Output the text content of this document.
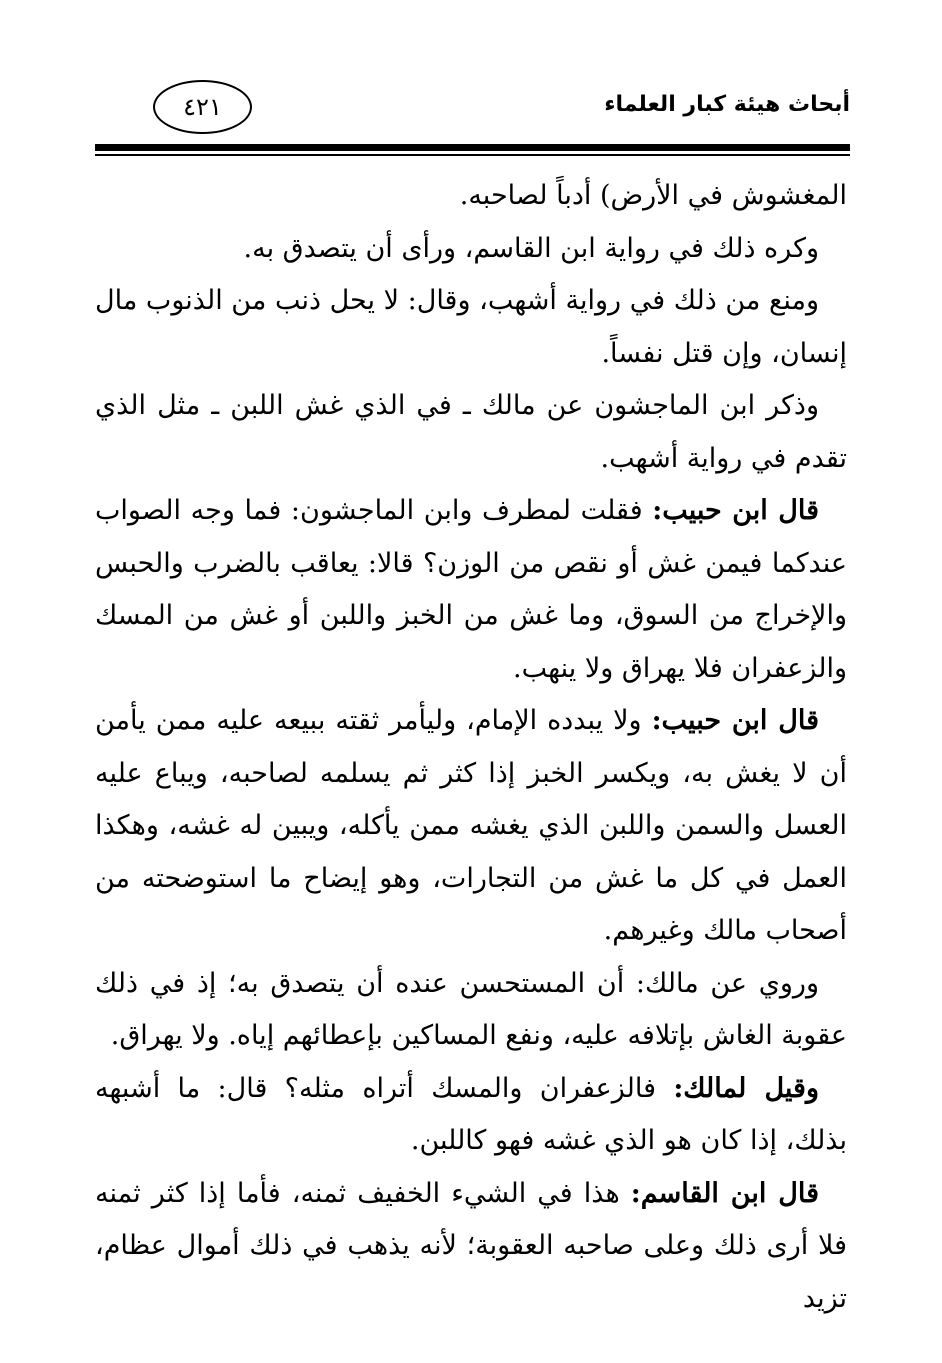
أبحاث هيئة كبار العلماء
٤٢١

المغشوش في الأرض) أدباً لصاحبه.

وكره ذلك في رواية ابن القاسم، ورأى أن يتصدق به.

ومنع من ذلك في رواية أشهب، وقال: لا يحل ذنب من الذنوب مال إنسان، وإن قتل نفساً.

وذكر ابن الماجشون عن مالك ـ في الذي غش اللبن ـ مثل الذي تقدم في رواية أشهب.

قال ابن حبيب: فقلت لمطرف وابن الماجشون: فما وجه الصواب عندكما فيمن غش أو نقص من الوزن؟ قالا: يعاقب بالضرب والحبس والإخراج من السوق، وما غش من الخبز واللبن أو غش من المسك والزعفران فلا يهراق ولا ينهب.

قال ابن حبيب: ولا يبدده الإمام، وليأمر ثقته ببيعه عليه ممن يأمن أن لا يغش به، ويكسر الخبز إذا كثر ثم يسلمه لصاحبه، ويباع عليه العسل والسمن واللبن الذي يغشه ممن يأكله، ويبين له غشه، وهكذا العمل في كل ما غش من التجارات، وهو إيضاح ما استوضحته من أصحاب مالك وغيرهم.

وروي عن مالك: أن المستحسن عنده أن يتصدق به؛ إذ في ذلك عقوبة الغاش بإتلافه عليه، ونفع المساكين بإعطائهم إياه. ولا يهراق.

وقيل لمالك: فالزعفران والمسك أتراه مثله؟ قال: ما أشبهه بذلك، إذا كان هو الذي غشه فهو كاللبن.

قال ابن القاسم: هذا في الشيء الخفيف ثمنه، فأما إذا كثر ثمنه فلا أرى ذلك وعلى صاحبه العقوبة؛ لأنه يذهب في ذلك أموال عظام، تزيد
